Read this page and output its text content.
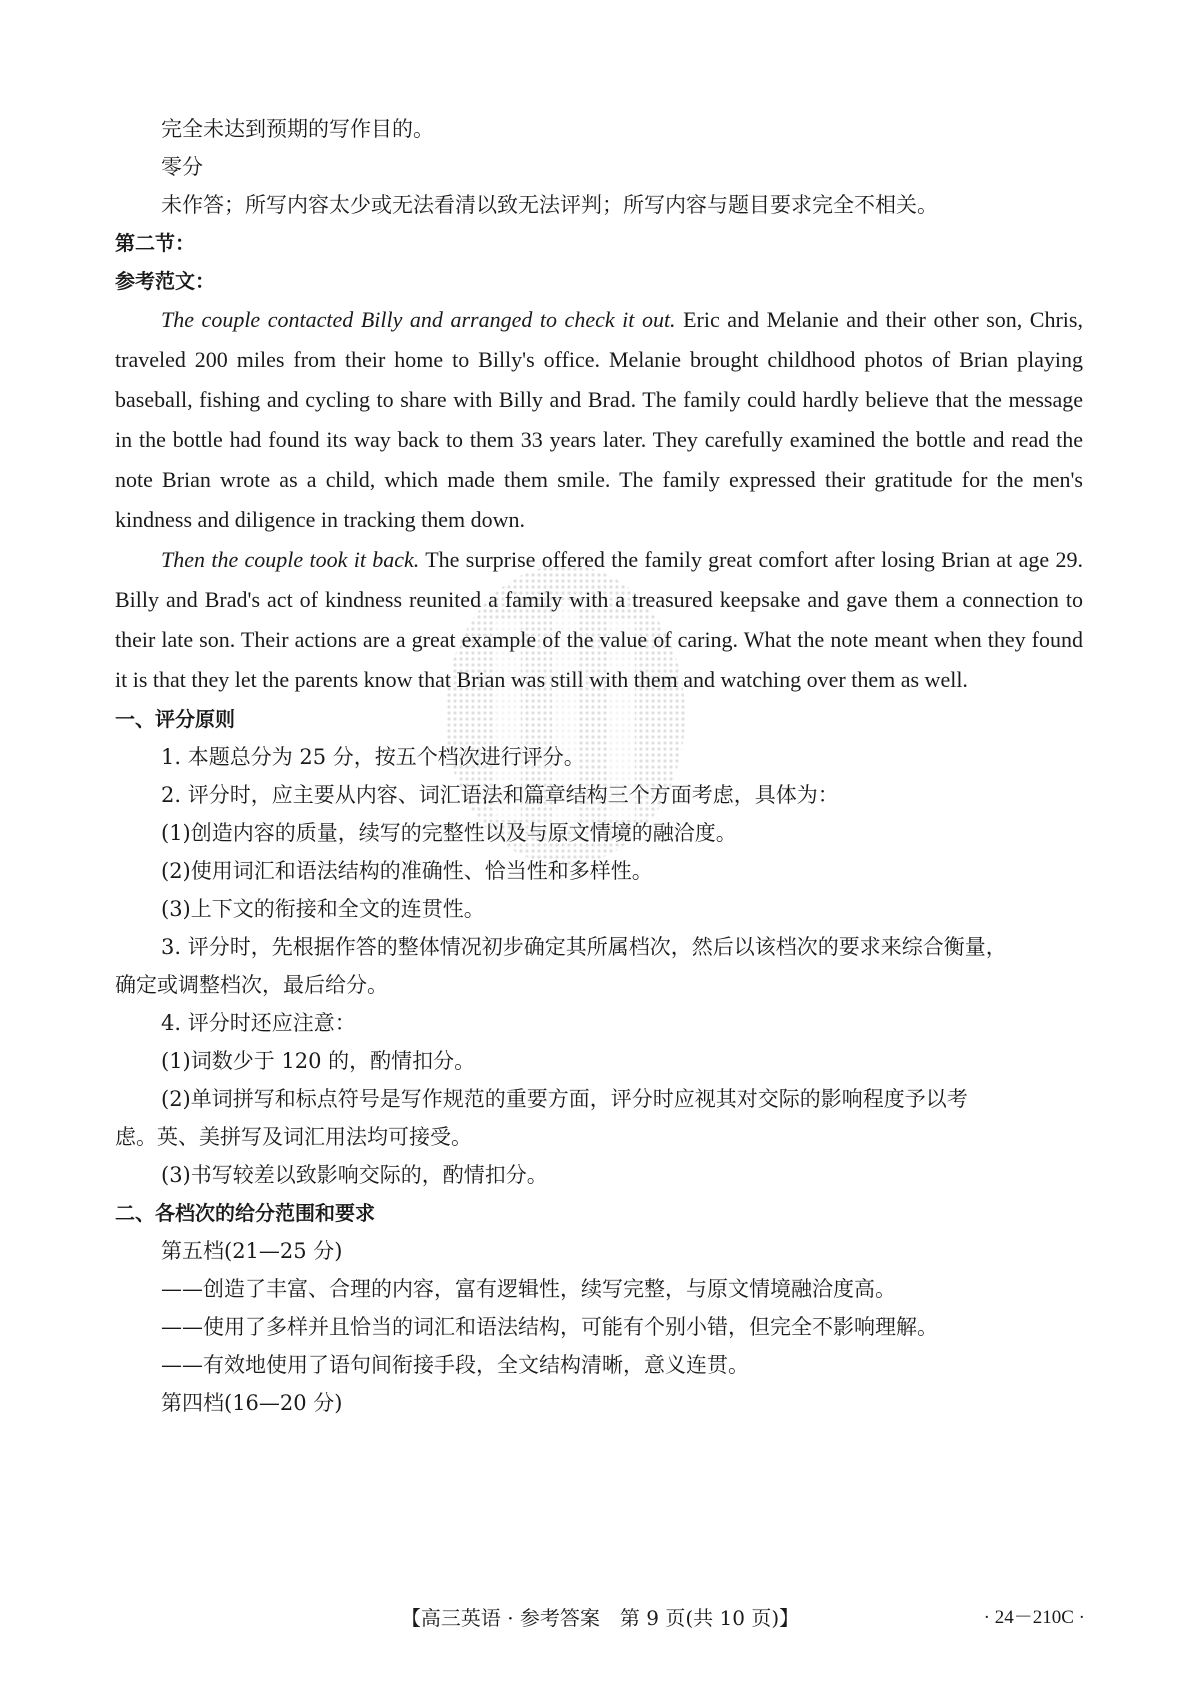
完全未达到预期的写作目的。
零分
未作答；所写内容太少或无法看清以致无法评判；所写内容与题目要求完全不相关。
第二节：
参考范文：

The couple contacted Billy and arranged to check it out. Eric and Melanie and their other son, Chris, traveled 200 miles from their home to Billy's office. Melanie brought childhood photos of Brian playing baseball, fishing and cycling to share with Billy and Brad. The family could hardly believe that the message in the bottle had found its way back to them 33 years later. They carefully examined the bottle and read the note Brian wrote as a child, which made them smile. The family expressed their gratitude for the men's kindness and diligence in tracking them down.

Then the couple took it back. The surprise offered the family great comfort after losing Brian at age 29. Billy and Brad's act of kindness reunited a family with a treasured keepsake and gave them a connection to their late son. Their actions are a great example of the value of caring. What the note meant when they found it is that they let the parents know that Brian was still with them and watching over them as well.

一、评分原则
1. 本题总分为 25 分，按五个档次进行评分。
2. 评分时，应主要从内容、词汇语法和篇章结构三个方面考虑，具体为：
(1)创造内容的质量，续写的完整性以及与原文情境的融洽度。
(2)使用词汇和语法结构的准确性、恰当性和多样性。
(3)上下文的衔接和全文的连贯性。
3. 评分时，先根据作答的整体情况初步确定其所属档次，然后以该档次的要求来综合衡量，
确定或调整档次，最后给分。
4. 评分时还应注意：
(1)词数少于 120 的，酌情扣分。
(2)单词拼写和标点符号是写作规范的重要方面，评分时应视其对交际的影响程度予以考
虑。英、美拼写及词汇用法均可接受。
(3)书写较差以致影响交际的，酌情扣分。
二、各档次的给分范围和要求
第五档(21—25 分)
——创造了丰富、合理的内容，富有逻辑性，续写完整，与原文情境融洽度高。
——使用了多样并且恰当的词汇和语法结构，可能有个别小错，但完全不影响理解。
——有效地使用了语句间衔接手段，全文结构清晰，意义连贯。
第四档(16—20 分)
【高三英语 · 参考答案　第 9 页(共 10 页)】	· 24－210C ·
